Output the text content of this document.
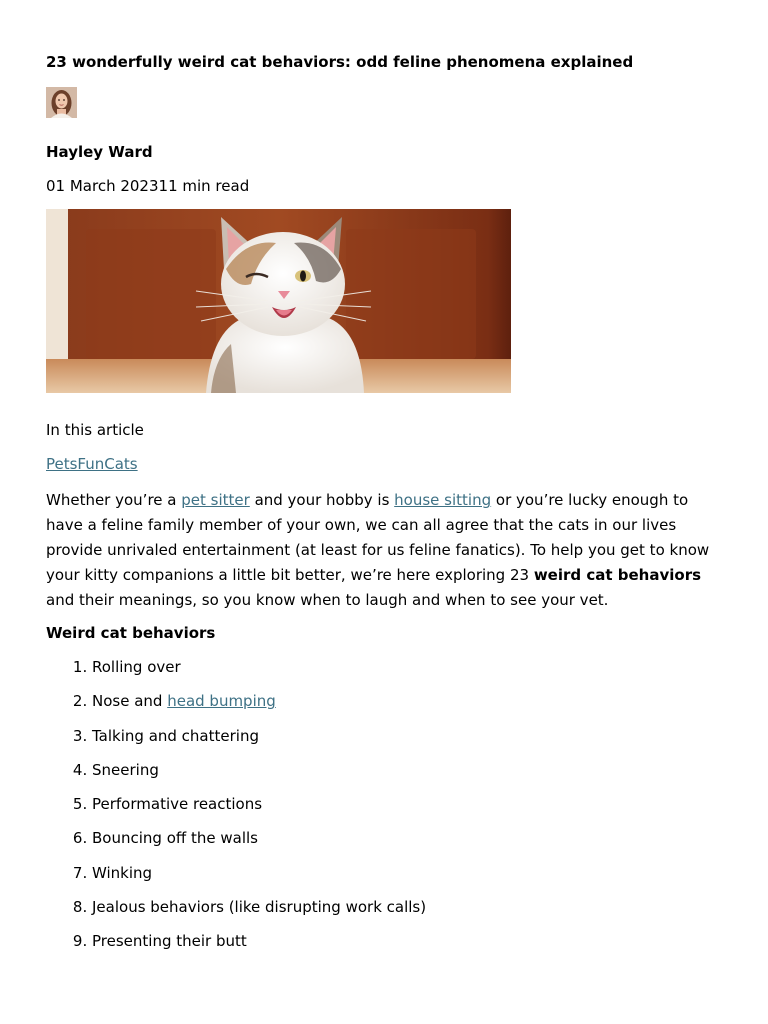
23 wonderfully weird cat behaviors: odd feline phenomena explained

Hayley Ward

01 March 202311 min read

In this article

PetsFunCats

Whether you’re a pet sitter and your hobby is house sitting or you’re lucky enough to have a feline family member of your own, we can all agree that the cats in our lives provide unrivaled entertainment (at least for us feline fanatics). To help you get to know your kitty companions a little bit better, we’re here exploring 23 weird cat behaviors and their meanings, so you know when to laugh and when to see your vet.

Weird cat behaviors

1. Rolling over
2. Nose and head bumping
3. Talking and chattering
4. Sneering
5. Performative reactions
6. Bouncing off the walls
7. Winking
8. Jealous behaviors (like disrupting work calls)
9. Presenting their butt
